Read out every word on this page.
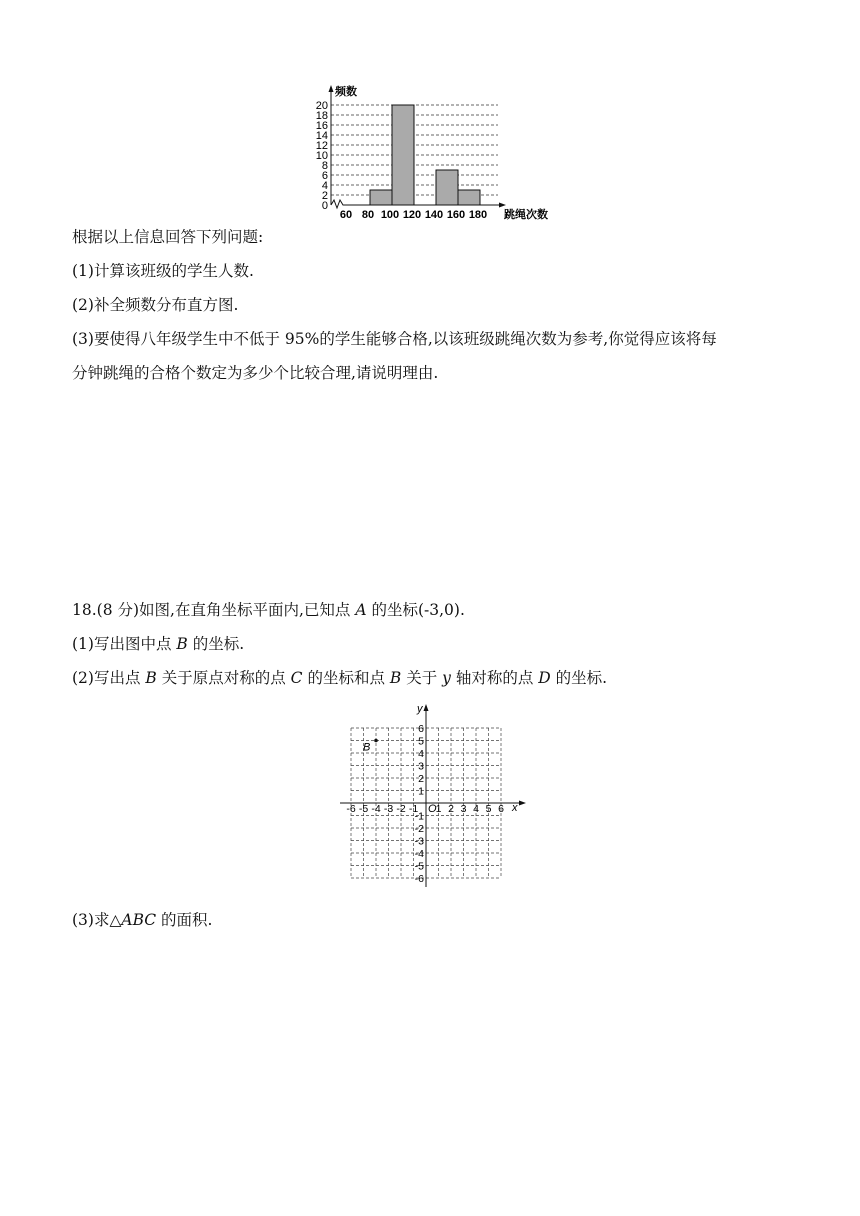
0
2
4
6
8
10
12
14
16
18
20
60 80 100 120 140 160 180
频数
跳绳次数
根据以上信息回答下列问题:
(1)计算该班级的学生人数.
(2)补全频数分布直方图.
(3)要使得八年级学生中不低于 95%的学生能够合格,以该班级跳绳次数为参考,你觉得应该将每
分钟跳绳的合格个数定为多少个比较合理,请说明理由.
18.(8 分)如图,在直角坐标平面内,已知点 A 的坐标(-3,0).
(1)写出图中点 B 的坐标.
(2)写出点 B 关于原点对称的点 C 的坐标和点 B 关于 y 轴对称的点 D 的坐标.
-6 -5 -4 -3 -2 -1 1 2 3 4 5 6
6
5
4
3
2
1
-1
-2
-3
-4
-5
-6
x
y
O
B
(3)求△ABC 的面积.
